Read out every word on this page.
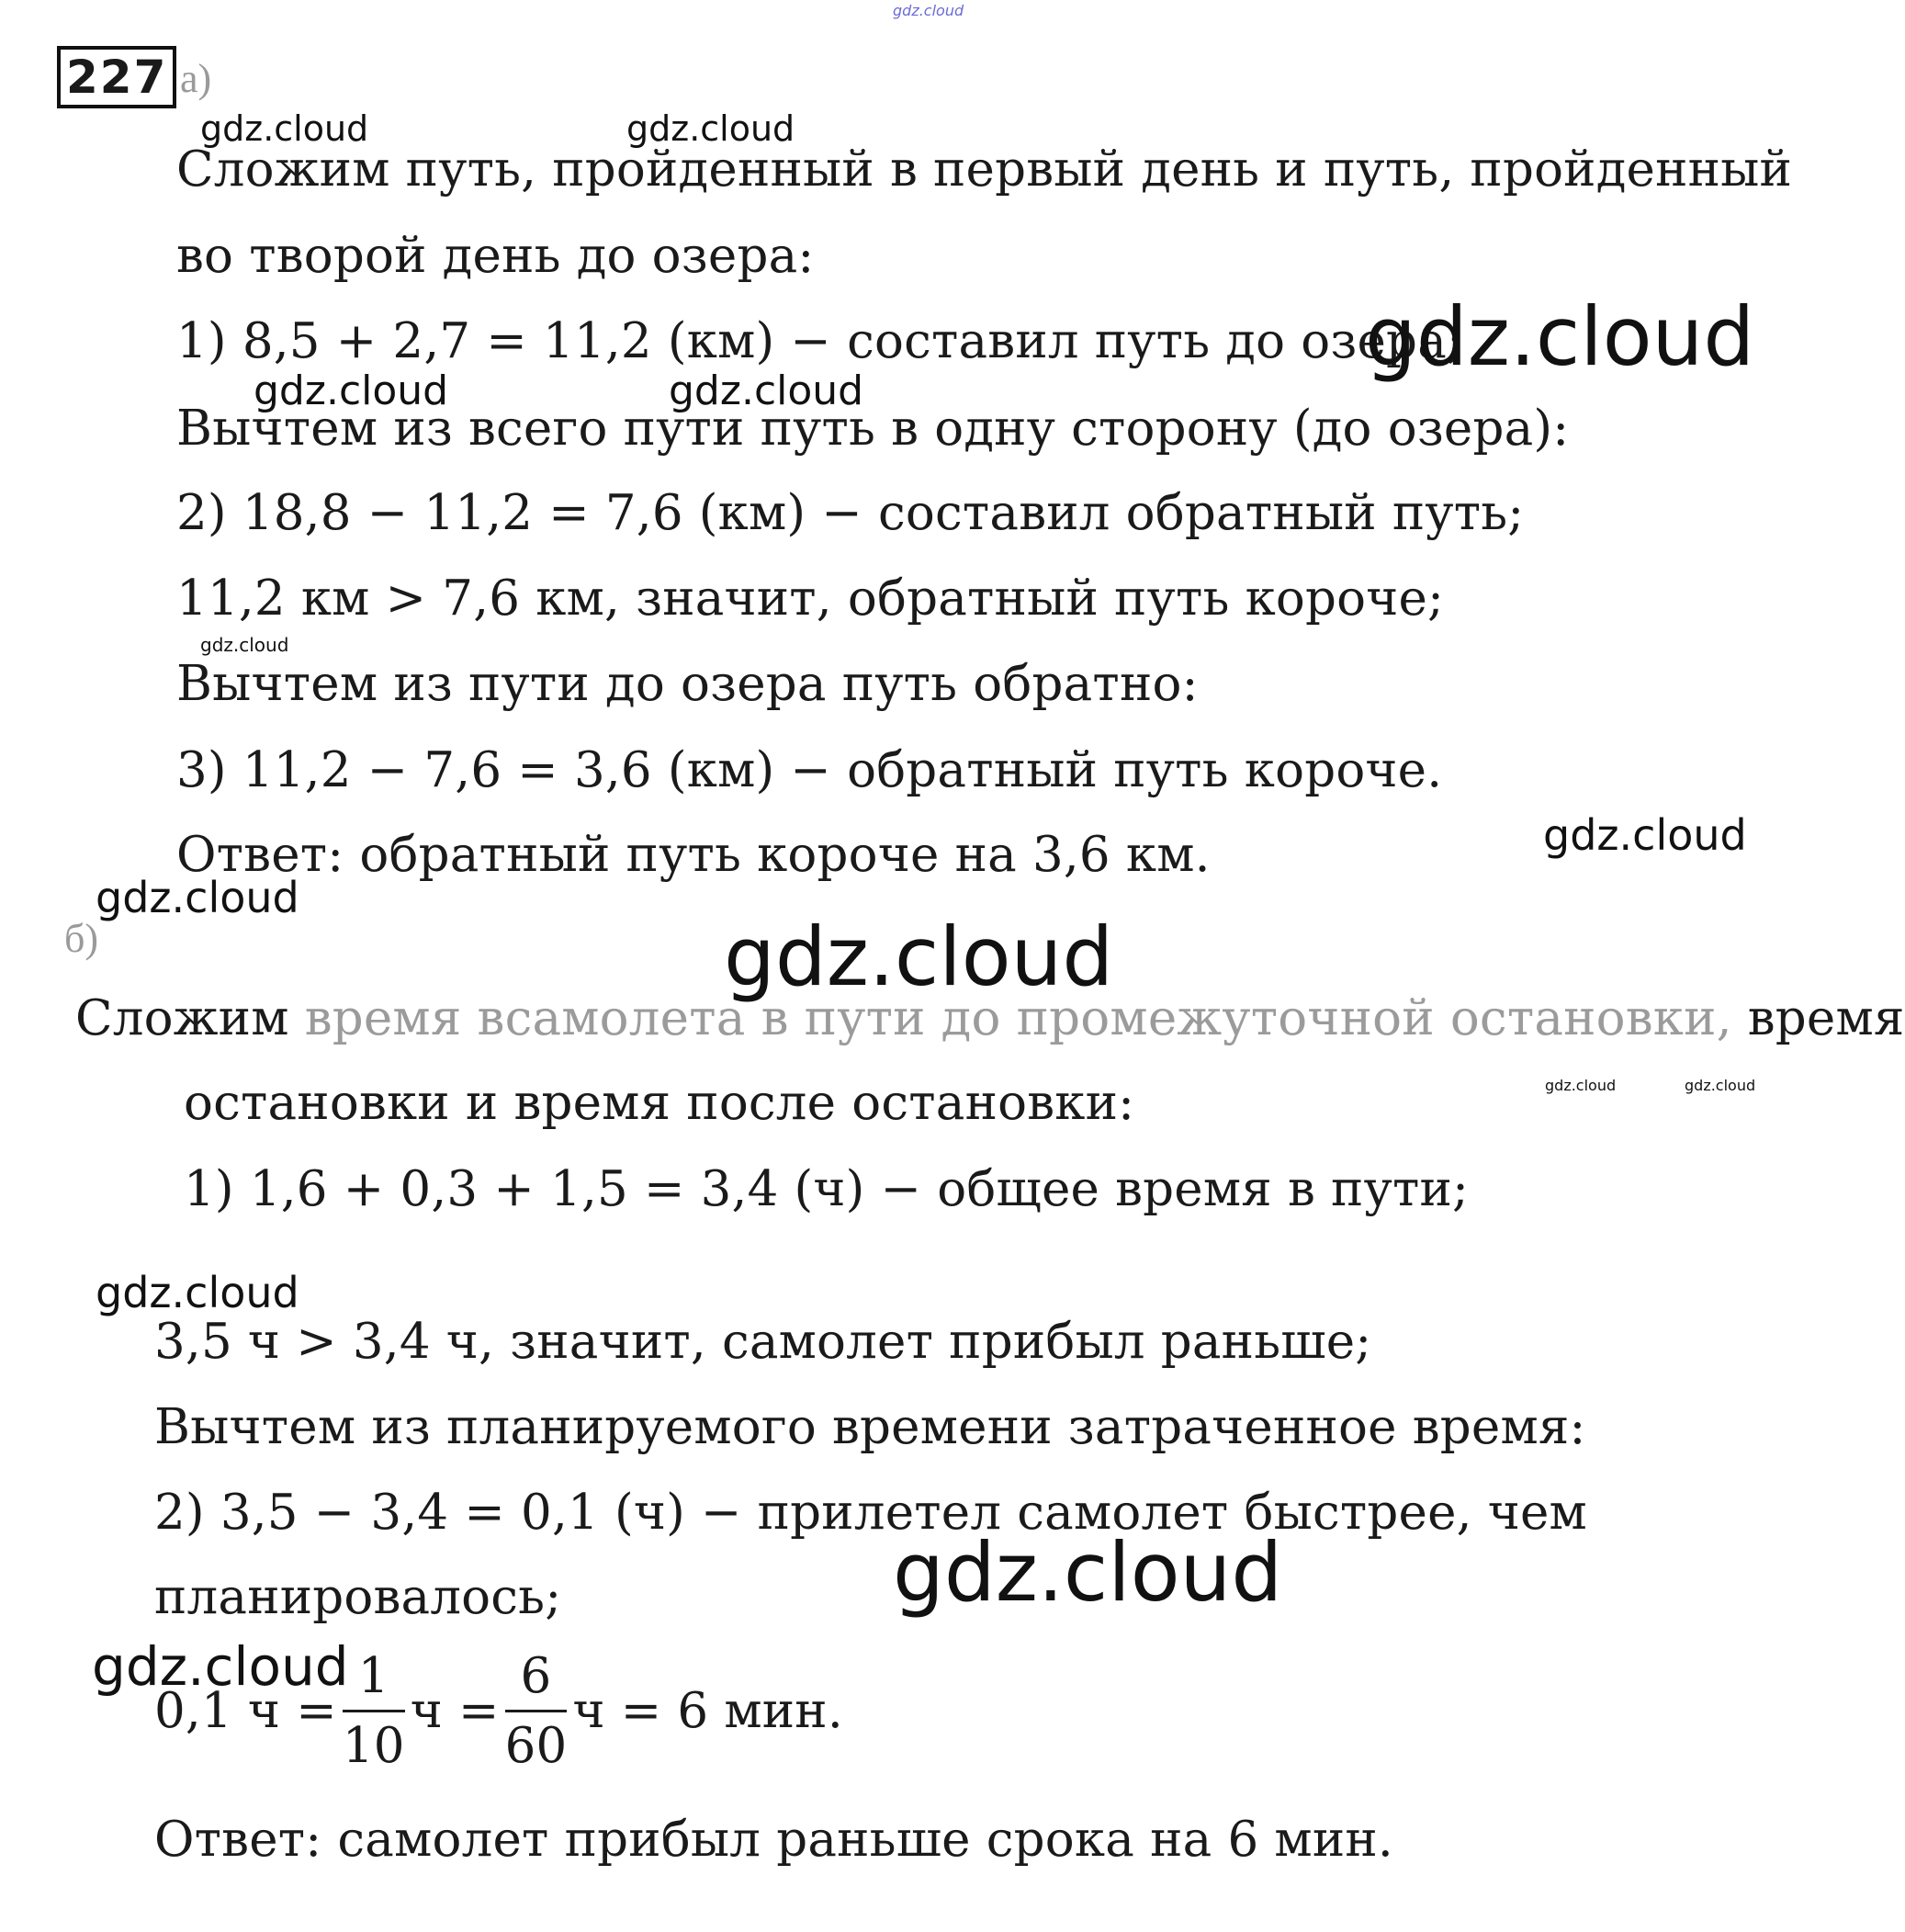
gdz.cloud
227 а)
Сложим путь, пройденный в первый день и путь, пройденный
во творой день до озера:
1) 8,5 + 2,7 = 11,2 (км) − составил путь до озера;
Вычтем из всего пути путь в одну сторону (до озера):
2) 18,8 − 11,2 = 7,6 (км) − составил обратный путь;
11,2 км > 7,6 км, значит, обратный путь короче;
Вычтем из пути до озера путь обратно:
3) 11,2 − 7,6 = 3,6 (км) − обратный путь короче.
Ответ: обратный путь короче на 3,6 км.
б)
Сложим время всамолета в пути до промежуточной остановки, время
остановки и время после остановки:
1) 1,6 + 0,3 + 1,5 = 3,4 (ч) − общее время в пути;
3,5 ч > 3,4 ч, значит, самолет прибыл раньше;
Вычтем из планируемого времени затраченное время:
2) 3,5 − 3,4 = 0,1 (ч) − прилетел самолет быстрее, чем
планировалось;
0,1 $ч = \frac{1}{10}$ $ч = \frac{6}{60}$ ч = 6 мин.
Ответ: самолет прибыл раньше срока на 6 мин.
gdz.cloud	gdz.cloud
gdz.cloud
gdz.cloud	gdz.cloud
gdz.cloud
gdz.cloud
gdz.cloud
gdz.cloud
gdz.cloud	gdz.cloud
gdz.cloud
gdz.cloud
gdz.cloud
